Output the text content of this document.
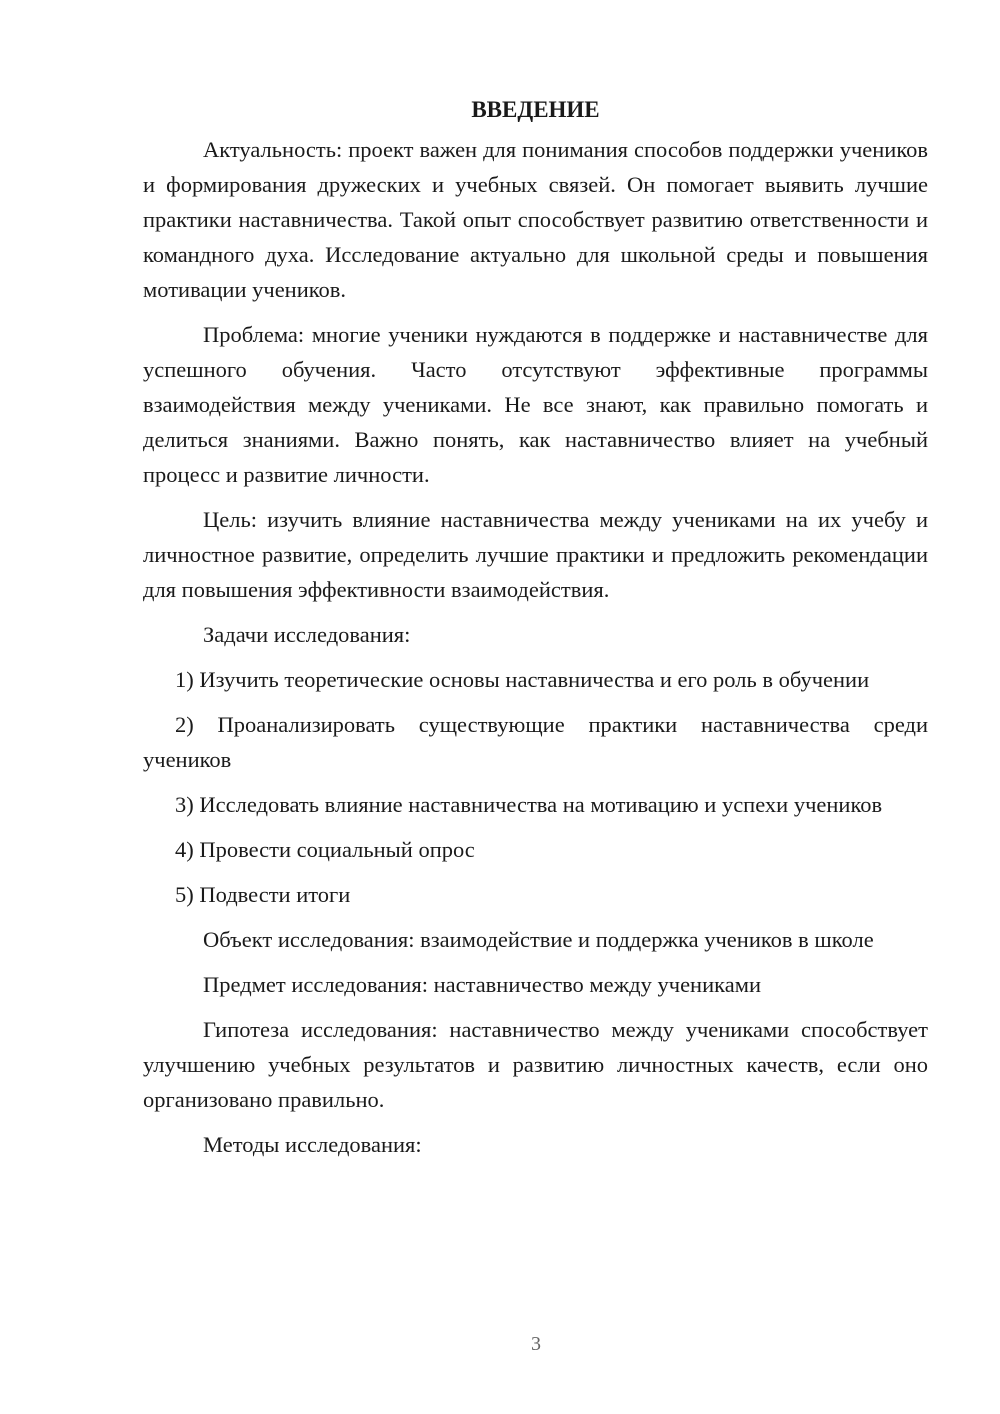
ВВЕДЕНИЕ

Актуальность: проект важен для понимания способов поддержки учеников и формирования дружеских и учебных связей. Он помогает выявить лучшие практики наставничества. Такой опыт способствует развитию ответственности и командного духа. Исследование актуально для школьной среды и повышения мотивации учеников.

Проблема: многие ученики нуждаются в поддержке и наставничестве для успешного обучения. Часто отсутствуют эффективные программы взаимодействия между учениками. Не все знают, как правильно помогать и делиться знаниями. Важно понять, как наставничество влияет на учебный процесс и развитие личности.

Цель: изучить влияние наставничества между учениками на их учебу и личностное развитие, определить лучшие практики и предложить рекомендации для повышения эффективности взаимодействия.

Задачи исследования:

1) Изучить теоретические основы наставничества и его роль в обучении

2) Проанализировать существующие практики наставничества среди учеников

3) Исследовать влияние наставничества на мотивацию и успехи учеников

4) Провести социальный опрос

5) Подвести итоги

Объект исследования: взаимодействие и поддержка учеников в школе

Предмет исследования: наставничество между учениками

Гипотеза исследования: наставничество между учениками способствует улучшению учебных результатов и развитию личностных качеств, если оно организовано правильно.

Методы исследования:

3
